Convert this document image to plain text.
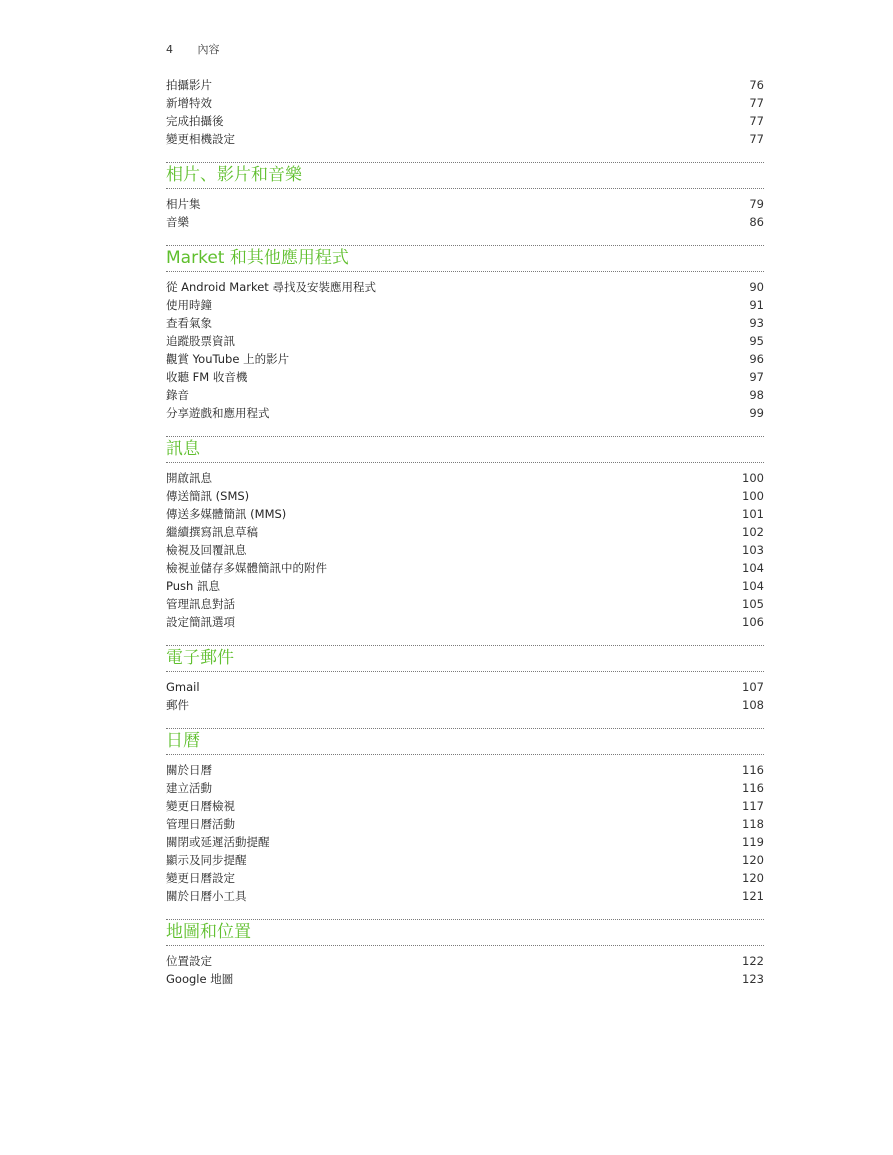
4 內容
拍攝影片	76
新增特效	77
完成拍攝後	77
變更相機設定	77
相片、影片和音樂
相片集	79
音樂	86
Market 和其他應用程式
從 Android Market 尋找及安裝應用程式	90
使用時鐘	91
查看氣象	93
追蹤股票資訊	95
觀賞 YouTube 上的影片	96
收聽 FM 收音機	97
錄音	98
分享遊戲和應用程式	99
訊息
開啟訊息	100
傳送簡訊 (SMS)	100
傳送多媒體簡訊 (MMS)	101
繼續撰寫訊息草稿	102
檢視及回覆訊息	103
檢視並儲存多媒體簡訊中的附件	104
Push 訊息	104
管理訊息對話	105
設定簡訊選項	106
電子郵件
Gmail	107
郵件	108
日曆
關於日曆	116
建立活動	116
變更日曆檢視	117
管理日曆活動	118
關閉或延遲活動提醒	119
顯示及同步提醒	120
變更日曆設定	120
關於日曆小工具	121
地圖和位置
位置設定	122
Google 地圖	123
